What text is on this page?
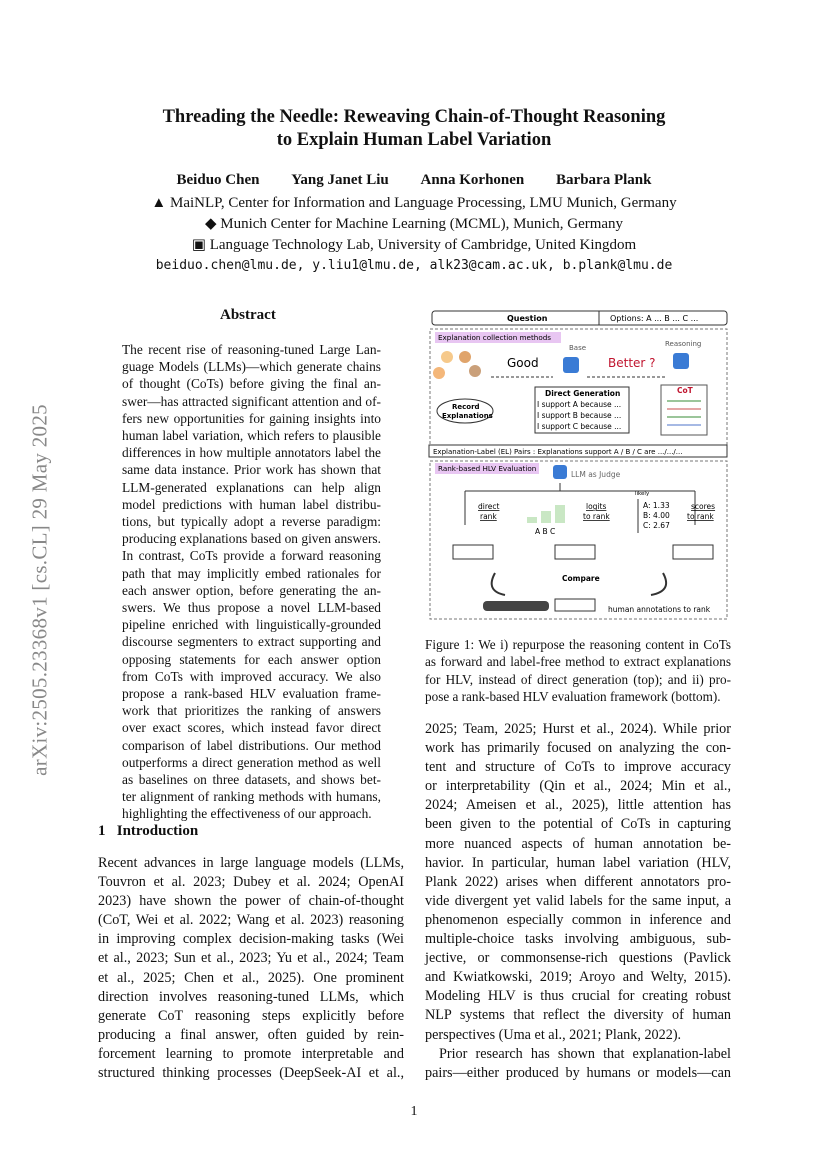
Threading the Needle: Reweaving Chain-of-Thought Reasoning
to Explain Human Label Variation
Beiduo Chen Yang Janet Liu Anna Korhonen Barbara Plank
▲ MaiNLP, Center for Information and Language Processing, LMU Munich, Germany
◆ Munich Center for Machine Learning (MCML), Munich, Germany
▣ Language Technology Lab, University of Cambridge, United Kingdom
beiduo.chen@lmu.de, y.liu1@lmu.de, alk23@cam.ac.uk, b.plank@lmu.de
arXiv:2505.23368v1 [cs.CL] 29 May 2025
Abstract
The recent rise of reasoning-tuned Large Lan-
guage Models (LLMs)—which generate chains
of thought (CoTs) before giving the final an-
swer—has attracted significant attention and of-
fers new opportunities for gaining insights into
human label variation, which refers to plausible
differences in how multiple annotators label the
same data instance. Prior work has shown that
LLM-generated explanations can help align
model predictions with human label distribu-
tions, but typically adopt a reverse paradigm:
producing explanations based on given answers.
In contrast, CoTs provide a forward reasoning
path that may implicitly embed rationales for
each answer option, before generating the an-
swers. We thus propose a novel LLM-based
pipeline enriched with linguistically-grounded
discourse segmenters to extract supporting and
opposing statements for each answer option
from CoTs with improved accuracy. We also
propose a rank-based HLV evaluation frame-
work that prioritizes the ranking of answers
over exact scores, which instead favor direct
comparison of label distributions. Our method
outperforms a direct generation method as well
as baselines on three datasets, and shows bet-
ter alignment of ranking methods with humans,
highlighting the effectiveness of our approach.
1 Introduction
Recent advances in large language models (LLMs,
Touvron et al. 2023; Dubey et al. 2024; OpenAI
2023) have shown the power of chain-of-thought
(CoT, Wei et al. 2022; Wang et al. 2023) reasoning
in improving complex decision-making tasks (Wei
et al., 2023; Sun et al., 2023; Yu et al., 2024; Team
et al., 2025; Chen et al., 2025). One prominent
direction involves reasoning-tuned LLMs, which
generate CoT reasoning steps explicitly before
producing a final answer, often guided by rein-
forcement learning to promote interpretable and
structured thinking processes (DeepSeek-AI et al.,
Question	Options: A ... B ... C ...
Explanation collection methods
Base	Reasoning
Good	Better ?
Direct Generation
I support A because ...
I support B because ...
I support C because ...
CoT
Record
Explanations
Explanation-Label (EL) Pairs : Explanations support A / B / C are .../.../...
Rank-based HLV Evaluation
LLM as Judge
direct
rank
A B C
logits
to rank
likely
A: 1.33
B: 4.00
C: 2.67
scores
to rank
Compare
human annotations to rank
Figure 1: We i) repurpose the reasoning content in CoTs
as forward and label-free method to extract explanations
for HLV, instead of direct generation (top); and ii) pro-
pose a rank-based HLV evaluation framework (bottom).
2025; Team, 2025; Hurst et al., 2024). While prior
work has primarily focused on analyzing the con-
tent and structure of CoTs to improve accuracy
or interpretability (Qin et al., 2024; Min et al.,
2024; Ameisen et al., 2025), little attention has
been given to the potential of CoTs in capturing
more nuanced aspects of human annotation be-
havior. In particular, human label variation (HLV,
Plank 2022) arises when different annotators pro-
vide divergent yet valid labels for the same input, a
phenomenon especially common in inference and
multiple-choice tasks involving ambiguous, sub-
jective, or commonsense-rich questions (Pavlick
and Kwiatkowski, 2019; Aroyo and Welty, 2015).
Modeling HLV is thus crucial for creating robust
NLP systems that reflect the diversity of human
perspectives (Uma et al., 2021; Plank, 2022).
Prior research has shown that explanation-label
pairs—either produced by humans or models—can
1
